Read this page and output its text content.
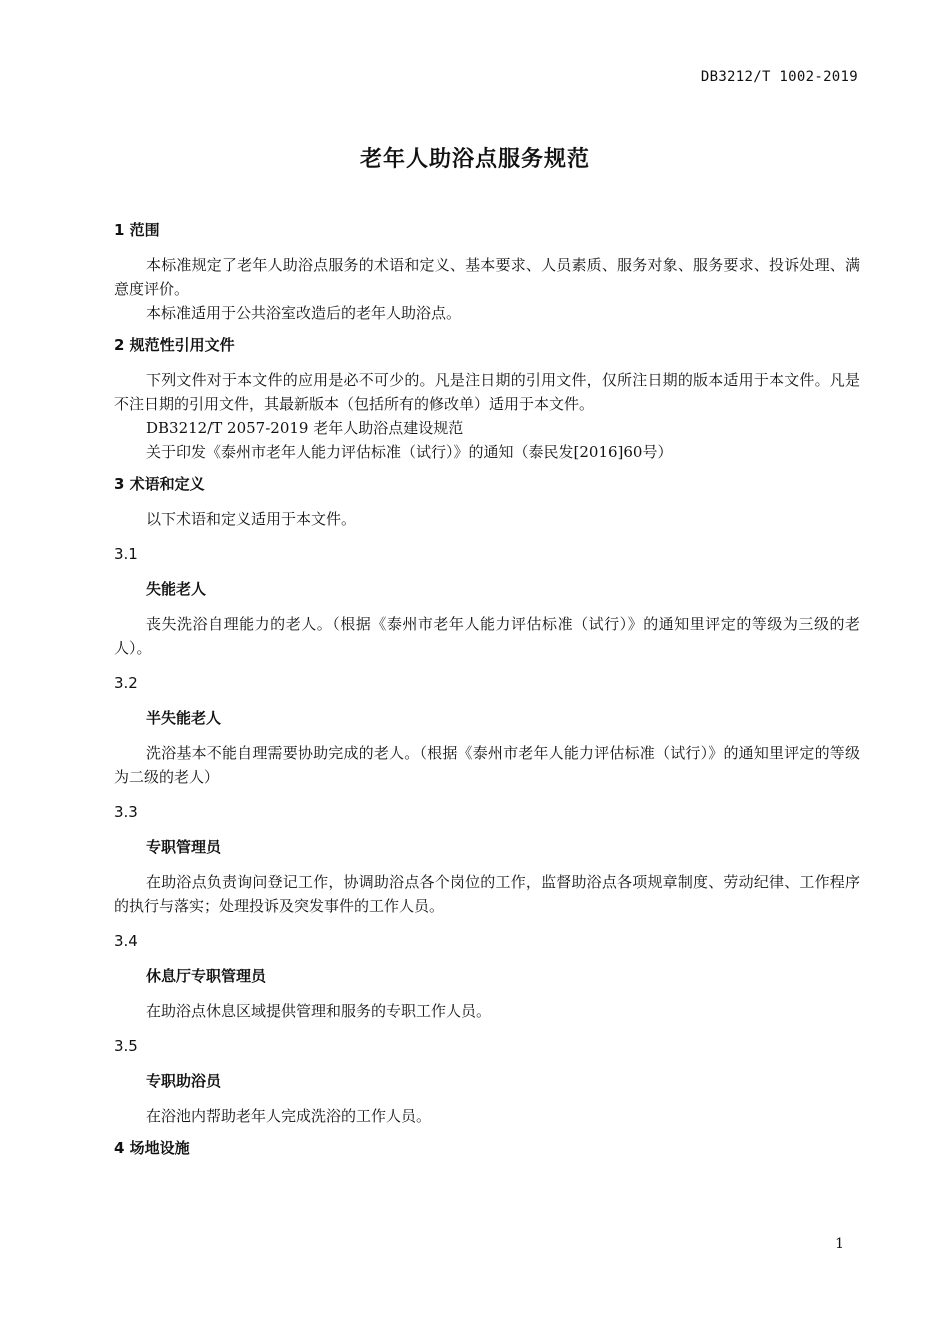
DB3212/T 1002-2019
老年人助浴点服务规范
1 范围

本标准规定了老年人助浴点服务的术语和定义、基本要求、人员素质、服务对象、服务要求、投诉处理、满意度评价。

本标准适用于公共浴室改造后的老年人助浴点。

2 规范性引用文件

下列文件对于本文件的应用是必不可少的。凡是注日期的引用文件，仅所注日期的版本适用于本文件。凡是不注日期的引用文件，其最新版本（包括所有的修改单）适用于本文件。

DB3212/T 2057-2019 老年人助浴点建设规范

关于印发《泰州市老年人能力评估标准（试行）》的通知（泰民发[2016]60号）

3 术语和定义

以下术语和定义适用于本文件。

3.1
失能老人

丧失洗浴自理能力的老人。（根据《泰州市老年人能力评估标准（试行）》的通知里评定的等级为三级的老人）。

3.2
半失能老人

洗浴基本不能自理需要协助完成的老人。（根据《泰州市老年人能力评估标准（试行）》的通知里评定的等级为二级的老人）

3.3
专职管理员

在助浴点负责询问登记工作，协调助浴点各个岗位的工作，监督助浴点各项规章制度、劳动纪律、工作程序的执行与落实；处理投诉及突发事件的工作人员。

3.4
休息厅专职管理员

在助浴点休息区域提供管理和服务的专职工作人员。

3.5
专职助浴员

在浴池内帮助老年人完成洗浴的工作人员。

4 场地设施
1
